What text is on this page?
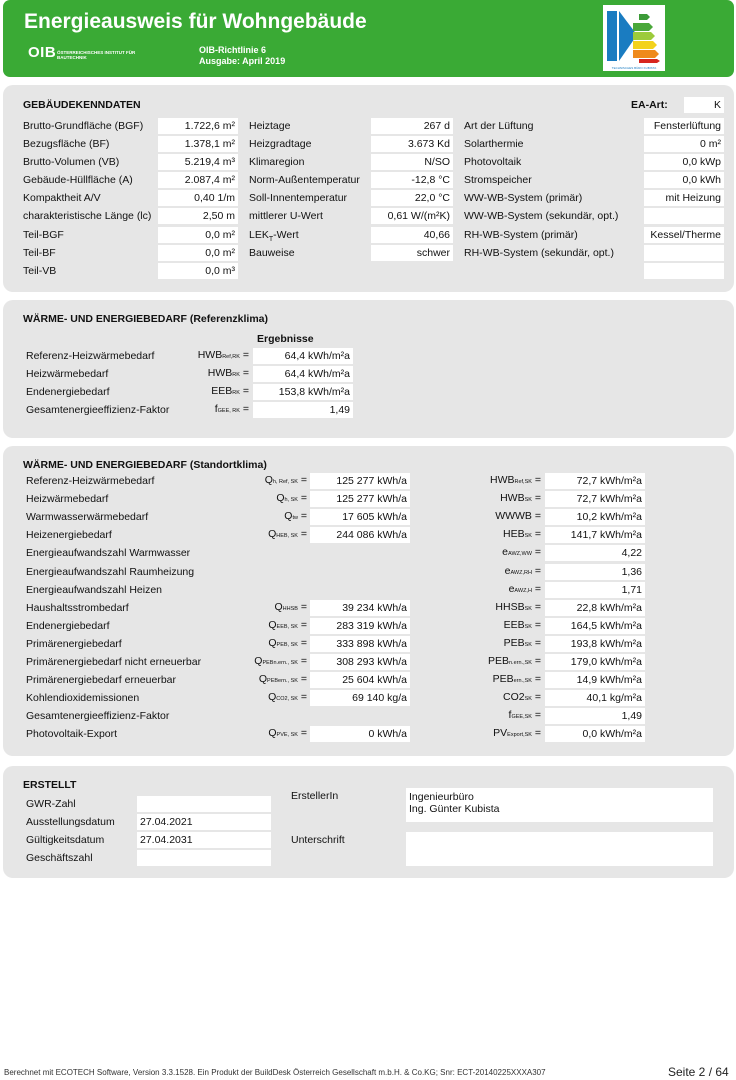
Energieausweis für Wohngebäude
OIB ÖSTERREICHISCHES INSTITUT FÜR BAUTECHNIK
OIB-Richtlinie 6
Ausgabe: April 2019
TECHNISCHES BÜRO KUBISTA
GEBÄUDEKENNDATEN	EA-Art:	K
Brutto-Grundfläche (BGF)	1.722,6 m²
Bezugsfläche (BF)	1.378,1 m²
Brutto-Volumen (VB)	5.219,4 m³
Gebäude-Hüllfläche (A)	2.087,4 m²
Kompaktheit A/V	0,40 1/m
charakteristische Länge (lc)	2,50 m
Teil-BGF	0,0 m²
Teil-BF	0,0 m²
Teil-VB	0,0 m³
Heiztage	267 d
Heizgradtage	3.673 Kd
Klimaregion	N/SO
Norm-Außentemperatur	-12,8 °C
Soll-Innentemperatur	22,0 °C
mittlerer U-Wert	0,61 W/(m²K)
$LEK_T$-Wert	40,66
Bauweise	schwer
Art der Lüftung	Fensterlüftung
Solarthermie	0 m²
Photovoltaik	0,0 kWp
Stromspeicher	0,0 kWh
WW-WB-System (primär)	mit Heizung
WW-WB-System (sekundär, opt.)
RH-WB-System (primär)	Kessel/Therme
RH-WB-System (sekundär, opt.)
WÄRME- UND ENERGIEBEDARF (Referenzklima)
Ergebnisse
Referenz-Heizwärmebedarf	HWBRef,RK =	64,4 kWh/m²a
Heizwärmebedarf	HWBRK =	64,4 kWh/m²a
Endenergiebedarf	EEBRK =	153,8 kWh/m²a
Gesamtenergieeffizienz-Faktor	fGEE, RK =	1,49
WÄRME- UND ENERGIEBEDARF (Standortklima)
Referenz-Heizwärmebedarf	Qh, Ref, SK =	125 277 kWh/a	HWBRef,SK =	72,7 kWh/m²a
Heizwärmebedarf	Qh, SK =	125 277 kWh/a	HWBSK =	72,7 kWh/m²a
Warmwasserwärmebedarf	Qtw =	17 605 kWh/a	WWWB =	10,2 kWh/m²a
Heizenergiebedarf	QHEB, SK =	244 086 kWh/a	HEBSK =	141,7 kWh/m²a
Energieaufwandszahl Warmwasser	eAWZ,WW =	4,22
Energieaufwandszahl Raumheizung	eAWZ,RH =	1,36
Energieaufwandszahl Heizen	eAWZ,H =	1,71
Haushaltsstrombedarf	QHHSB =	39 234 kWh/a	HHSBSK =	22,8 kWh/m²a
Endenergiebedarf	QEEB, SK =	283 319 kWh/a	EEBSK =	164,5 kWh/m²a
Primärenergiebedarf	QPEB, SK =	333 898 kWh/a	PEBSK =	193,8 kWh/m²a
Primärenergiebedarf nicht erneuerbar	QPEBn.ern., SK =	308 293 kWh/a	PEBn.ern.,SK =	179,0 kWh/m²a
Primärenergiebedarf erneuerbar	QPEBern., SK =	25 604 kWh/a	PEBern.,SK =	14,9 kWh/m²a
Kohlendioxidemissionen	QCO2, SK =	69 140 kg/a	CO2SK =	40,1 kg/m²a
Gesamtenergieeffizienz-Faktor	fGEE,SK =	1,49
Photovoltaik-Export	QPVE, SK =	0 kWh/a	PVExport,SK =	0,0 kWh/m²a
ERSTELLT
ErstellerIn	Ingenieurbüro
Ing. Günter Kubista
Unterschrift
GWR-Zahl
Ausstellungsdatum 27.04.2021
Gültigkeitsdatum	27.04.2031
Geschäftszahl
Berechnet mit ECOTECH Software, Version 3.3.1528. Ein Produkt der BuildDesk Österreich Gesellschaft m.b.H. & Co.KG; Snr: ECT-20140225XXXA307	Seite 2 / 64
